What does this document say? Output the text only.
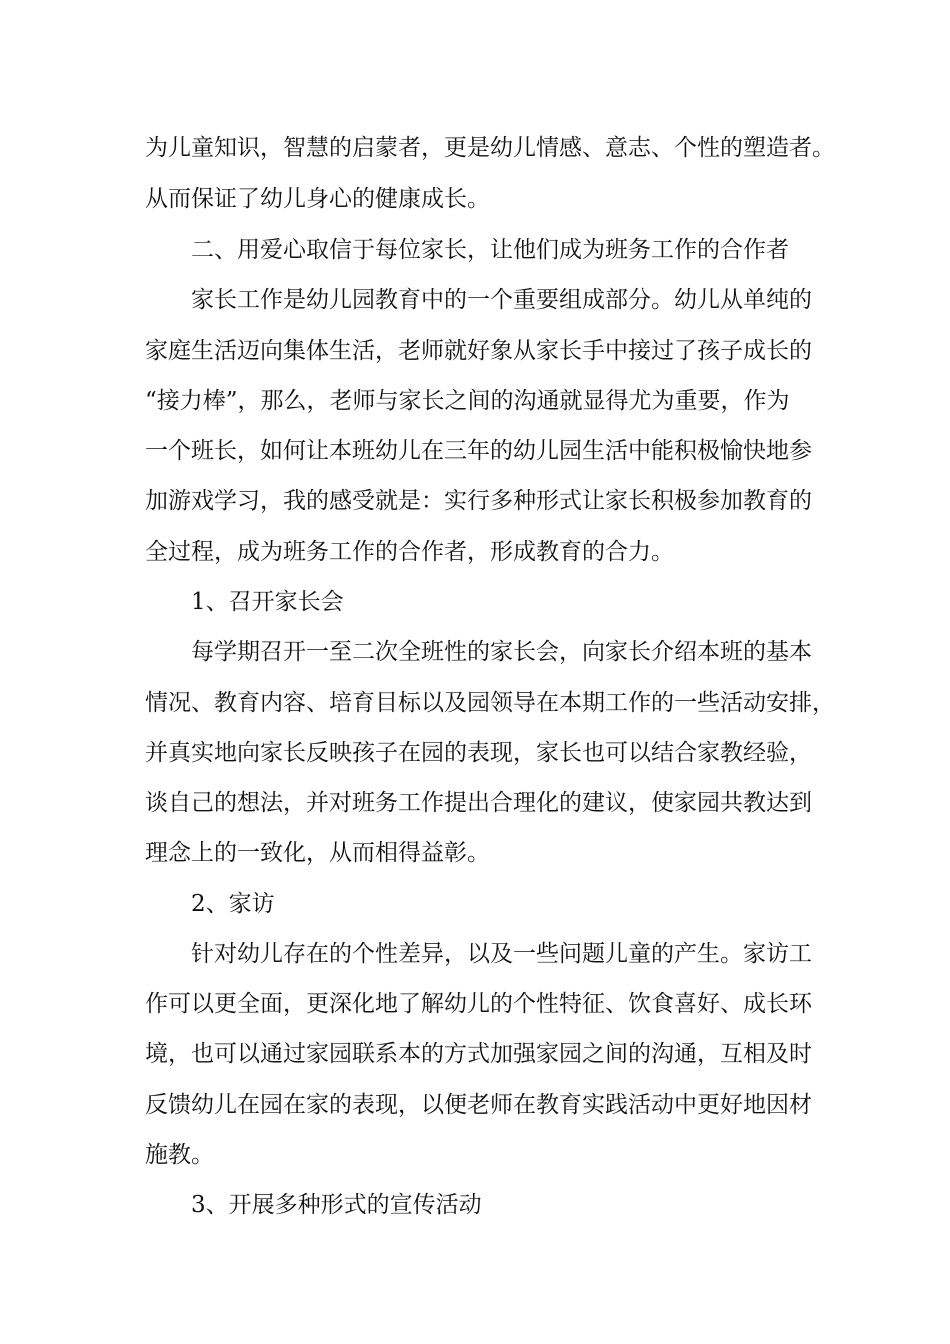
为儿童知识，智慧的启蒙者，更是幼儿情感、意志、个性的塑造者。
从而保证了幼儿身心的健康成长。
二、用爱心取信于每位家长，让他们成为班务工作的合作者
家长工作是幼儿园教育中的一个重要组成部分。幼儿从单纯的
家庭生活迈向集体生活，老师就好象从家长手中接过了孩子成长的
“接力棒”，那么，老师与家长之间的沟通就显得尤为重要，作为
一个班长，如何让本班幼儿在三年的幼儿园生活中能积极愉快地参
加游戏学习，我的感受就是：实行多种形式让家长积极参加教育的
全过程，成为班务工作的合作者，形成教育的合力。
1、召开家长会
每学期召开一至二次全班性的家长会，向家长介绍本班的基本
情况、教育内容、培育目标以及园领导在本期工作的一些活动安排，
并真实地向家长反映孩子在园的表现，家长也可以结合家教经验，
谈自己的想法，并对班务工作提出合理化的建议，使家园共教达到
理念上的一致化，从而相得益彰。
2、家访
针对幼儿存在的个性差异，以及一些问题儿童的产生。家访工
作可以更全面，更深化地了解幼儿的个性特征、饮食喜好、成长环
境，也可以通过家园联系本的方式加强家园之间的沟通，互相及时
反馈幼儿在园在家的表现，以便老师在教育实践活动中更好地因材
施教。
3、开展多种形式的宣传活动
